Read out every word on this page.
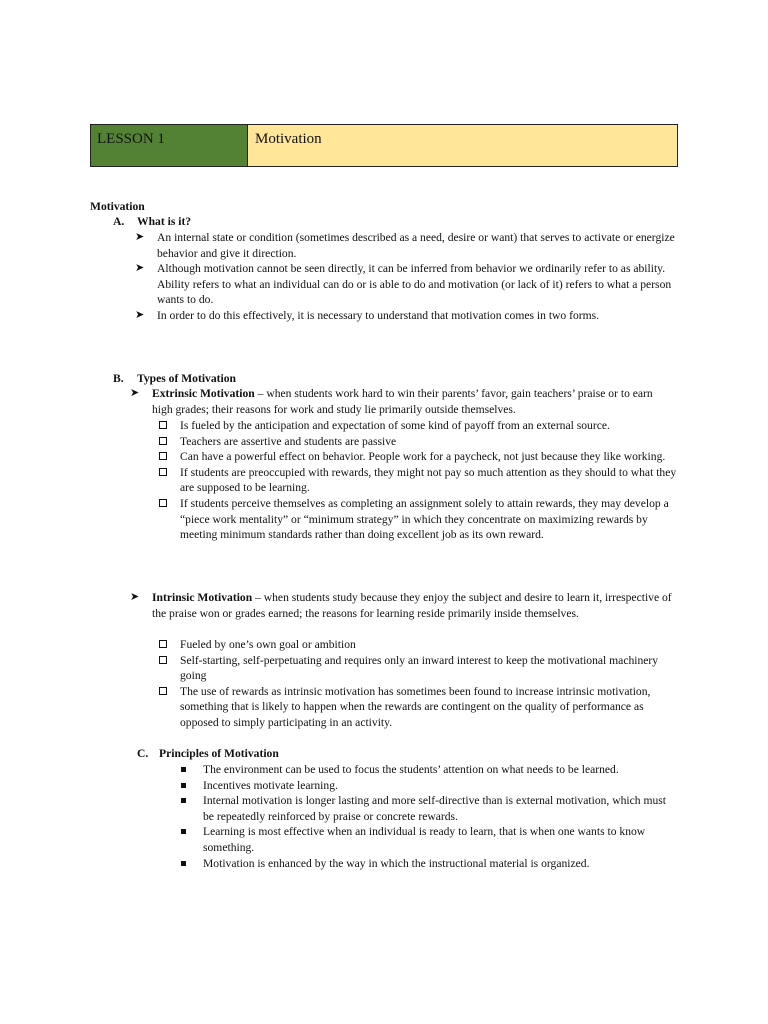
LESSON 1	Motivation
Motivation
A. What is it?
➤	An internal state or condition (sometimes described as a need, desire or want) that serves to activate or energize behavior and give it direction.
➤	Although motivation cannot be seen directly, it can be inferred from behavior we ordinarily refer to as ability. Ability refers to what an individual can do or is able to do and motivation (or lack of it) refers to what a person wants to do.
➤	In order to do this effectively, it is necessary to understand that motivation comes in two forms.
B. Types of Motivation
➤	Extrinsic Motivation – when students work hard to win their parents’ favor, gain teachers’ praise or to earn high grades; their reasons for work and study lie primarily outside themselves.
Is fueled by the anticipation and expectation of some kind of payoff from an external source.
Teachers are assertive and students are passive
Can have a powerful effect on behavior. People work for a paycheck, not just because they like working.
If students are preoccupied with rewards, they might not pay so much attention as they should to what they are supposed to be learning.
If students perceive themselves as completing an assignment solely to attain rewards, they may develop a “piece work mentality” or “minimum strategy” in which they concentrate on maximizing rewards by meeting minimum standards rather than doing excellent job as its own reward.
➤	Intrinsic Motivation – when students study because they enjoy the subject and desire to learn it, irrespective of the praise won or grades earned; the reasons for learning reside primarily inside themselves.
Fueled by one’s own goal or ambition
Self-starting, self-perpetuating and requires only an inward interest to keep the motivational machinery going
The use of rewards as intrinsic motivation has sometimes been found to increase intrinsic motivation, something that is likely to happen when the rewards are contingent on the quality of performance as opposed to simply participating in an activity.
C. Principles of Motivation
The environment can be used to focus the students’ attention on what needs to be learned.
Incentives motivate learning.
Internal motivation is longer lasting and more self-directive than is external motivation, which must be repeatedly reinforced by praise or concrete rewards.
Learning is most effective when an individual is ready to learn, that is when one wants to know something.
Motivation is enhanced by the way in which the instructional material is organized.
